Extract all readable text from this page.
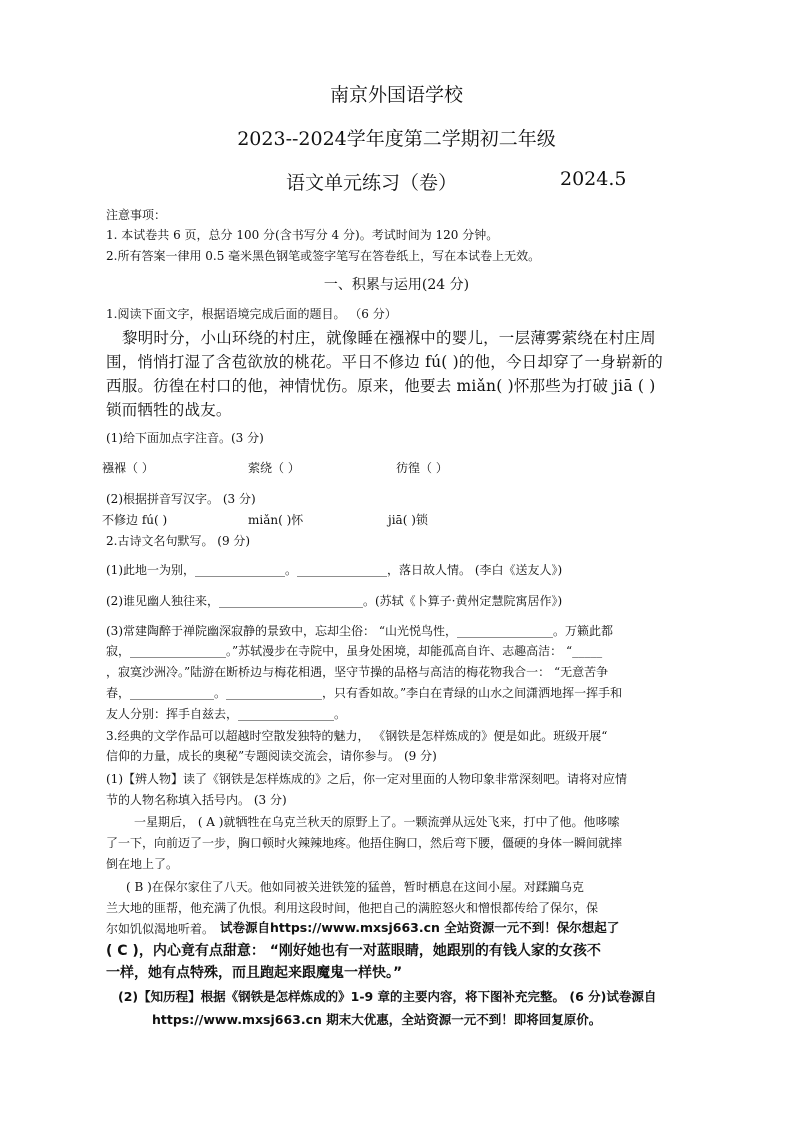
南京外国语学校
2023--2024学年度第二学期初二年级
语文单元练习（卷）	2024.5
注意事项：
1. 本试卷共 6 页，总分 100 分(含书写分 4 分)。考试时间为 120 分钟。
2.所有答案一律用 0.5 毫米黑色钢笔或签字笔写在答卷纸上，写在本试卷上无效。
一、积累与运用(24 分)
1.阅读下面文字，根据语境完成后面的题目。 （6 分）
黎明时分，小山环绕的村庄，就像睡在襁褓中的婴儿，一层薄雾萦绕在村庄周
围，悄悄打湿了含苞欲放的桃花。平日不修边 fú( )的他，今日却穿了一身崭新的
西服。彷徨在村口的他，神情忧伤。原来，他要去 miǎn( )怀那些为打破 jiā ( )
锁而牺牲的战友。
(1)给下面加点字注音。(3 分)
襁褓（ ）	萦绕（ ）	彷徨（ ）
(2)根据拼音写汉字。 (3 分)
不修边 fú( )	miǎn( )怀	jiā( )锁
2.古诗文名句默写。 (9 分)
(1)此地一为别，_______________。_______________，落日故人情。 (李白《送友人》)
(2)谁见幽人独往来，________________________。(苏轼《卜算子·黄州定慧院寓居作》)
(3)常建陶醉于禅院幽深寂静的景致中，忘却尘俗： “山光悦鸟性，________________。万籁此都
寂，________________。”苏轼漫步在寺院中，虽身处困境，却能孤高自许、志趣高洁： “_____
，寂寞沙洲冷。”陆游在断桥边与梅花相遇，坚守节操的品格与高洁的梅花物我合一： “无意苦争
春，______________。________________，只有香如故。”李白在青绿的山水之间潇洒地挥一挥手和
友人分别：挥手自兹去，________________。
3.经典的文学作品可以超越时空散发独特的魅力， 《钢铁是怎样炼成的》便是如此。班级开展“
信仰的力量，成长的奥秘”专题阅读交流会，请你参与。 (9 分)
(1)【辨人物】读了《钢铁是怎样炼成的》之后，你一定对里面的人物印象非常深刻吧。请将对应情
节的人物名称填入括号内。 (3 分)
一星期后， ( A )就牺牲在乌克兰秋天的原野上了。一颗流弹从远处飞来，打中了他。他哆嗦
了一下，向前迈了一步，胸口顿时火辣辣地疼。他捂住胸口，然后弯下腰，僵硬的身体一瞬间就摔
倒在地上了。
( B )在保尔家住了八天。他如同被关进铁笼的猛兽，暂时栖息在这间小屋。对蹂躏乌克
兰大地的匪帮，他充满了仇恨。利用这段时间，他把自己的满腔怒火和憎恨都传给了保尔，保
尔如饥似渴地听着。 试卷源自https://www.mxsj663.cn 全站资源一元不到！保尔想起了
( C )，内心竟有点甜意： “刚好她也有一对蓝眼睛，她跟别的有钱人家的女孩不
一样，她有点特殊，而且跑起来跟魔鬼一样快。”
(2)【知历程】根据《钢铁是怎样炼成的》1-9 章的主要内容，将下图补充完整。 (6 分)试卷源自
https://www.mxsj663.cn 期末大优惠，全站资源一元不到！即将回复原价。
